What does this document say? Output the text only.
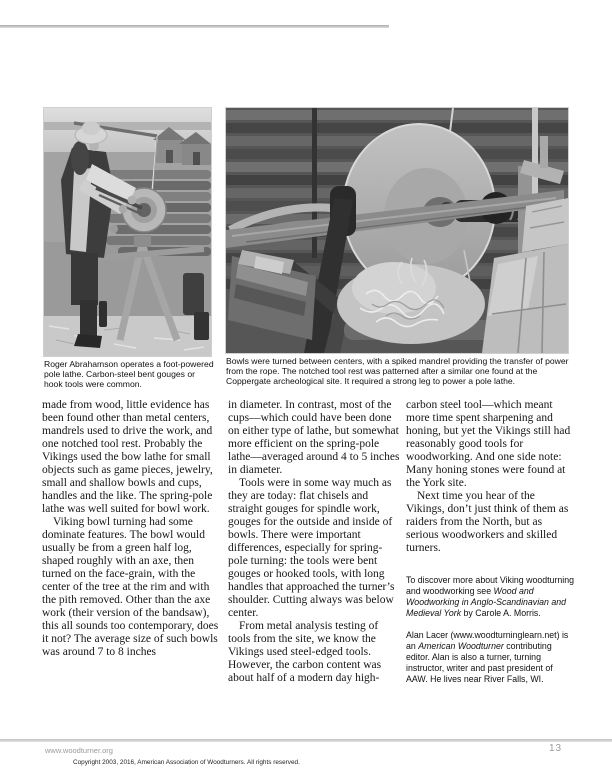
Roger Abrahamson operates a foot-powered pole lathe. Carbon-steel bent gouges or hook tools were common.
Bowls were turned between centers, with a spiked mandrel providing the transfer of power from the rope. The notched tool rest was patterned after a similar one found at the Coppergate archeological site. It required a strong leg to power a pole lathe.

made from wood, little evidence has been found other than metal centers, mandrels used to drive the work, and one notched tool rest. Probably the Vikings used the bow lathe for small objects such as game pieces, jewelry, small and shallow bowls and cups, handles and the like. The spring-pole lathe was well suited for bowl work.

Viking bowl turning had some dominate features. The bowl would usually be from a green half log, shaped roughly with an axe, then turned on the face-grain, with the center of the tree at the rim and with the pith removed. Other than the axe work (their version of the bandsaw), this all sounds too contemporary, does it not? The average size of such bowls was around 7 to 8 inches

in diameter. In contrast, most of the cups—which could have been done on either type of lathe, but somewhat more efficient on the spring-pole lathe—averaged around 4 to 5 inches in diameter.

Tools were in some way much as they are today: flat chisels and straight gouges for spindle work, gouges for the outside and inside of bowls. There were important differences, especially for spring-pole turning: the tools were bent gouges or hooked tools, with long handles that approached the turner’s shoulder. Cutting always was below center.

From metal analysis testing of tools from the site, we know the Vikings used steel-edged tools. However, the carbon content was about half of a modern day high-

carbon steel tool—which meant more time spent sharpening and honing, but yet the Vikings still had reasonably good tools for woodworking. And one side note: Many honing stones were found at the York site.

Next time you hear of the Vikings, don’t just think of them as raiders from the North, but as serious woodworkers and skilled turners.

To discover more about Viking woodturning and woodworking see Wood and Woodworking in Anglo-Scandinavian and Medieval York by Carole A. Morris.

Alan Lacer (www.woodturninglearn.net) is an American Woodturner contributing editor. Alan is also a turner, turning instructor, writer and past president of AAW. He lives near River Falls, WI.

www.woodturner.org	13
Copyright 2003, 2016, American Association of Woodturners. All rights reserved.
